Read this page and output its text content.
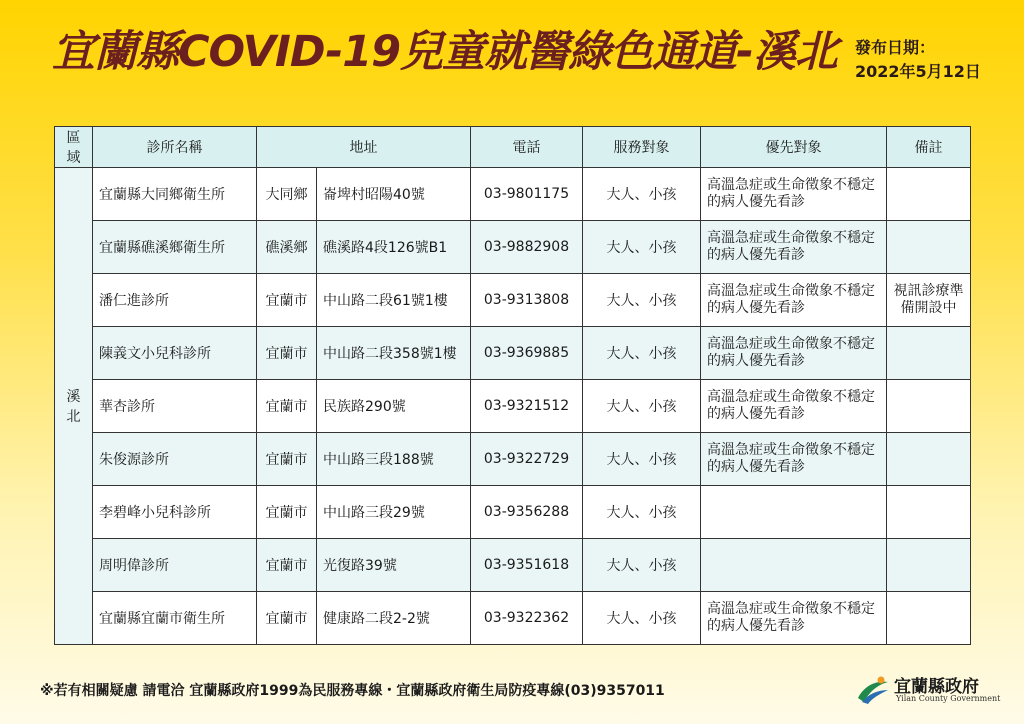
宜蘭縣COVID-19兒童就醫綠色通道-溪北	發布日期：
2022年5月12日
區域	診所名稱	地址		電話	服務對象	優先對象	備註
溪北	宜蘭縣大同鄉衛生所	大同鄉	崙埤村昭陽40號	03-9801175	大人、小孩	高溫急症或生命徵象不穩定的病人優先看診	
	宜蘭縣礁溪鄉衛生所	礁溪鄉	礁溪路4段126號B1	03-9882908	大人、小孩	高溫急症或生命徵象不穩定的病人優先看診	
	潘仁進診所	宜蘭市	中山路二段61號1樓	03-9313808	大人、小孩	高溫急症或生命徵象不穩定的病人優先看診	視訊診療準備開設中
	陳義文小兒科診所	宜蘭市	中山路二段358號1樓	03-9369885	大人、小孩	高溫急症或生命徵象不穩定的病人優先看診	
	華杏診所	宜蘭市	民族路290號	03-9321512	大人、小孩	高溫急症或生命徵象不穩定的病人優先看診	
	朱俊源診所	宜蘭市	中山路三段188號	03-9322729	大人、小孩	高溫急症或生命徵象不穩定的病人優先看診	
	李碧峰小兒科診所	宜蘭市	中山路三段29號	03-9356288	大人、小孩		
	周明偉診所	宜蘭市	光復路39號	03-9351618	大人、小孩		
	宜蘭縣宜蘭市衛生所	宜蘭市	健康路二段2-2號	03-9322362	大人、小孩	高溫急症或生命徵象不穩定的病人優先看診	
※若有相關疑慮 請電洽 宜蘭縣政府1999為民服務專線・宜蘭縣政府衛生局防疫專線(03)9357011	宜蘭縣政府
Yilan County Government
